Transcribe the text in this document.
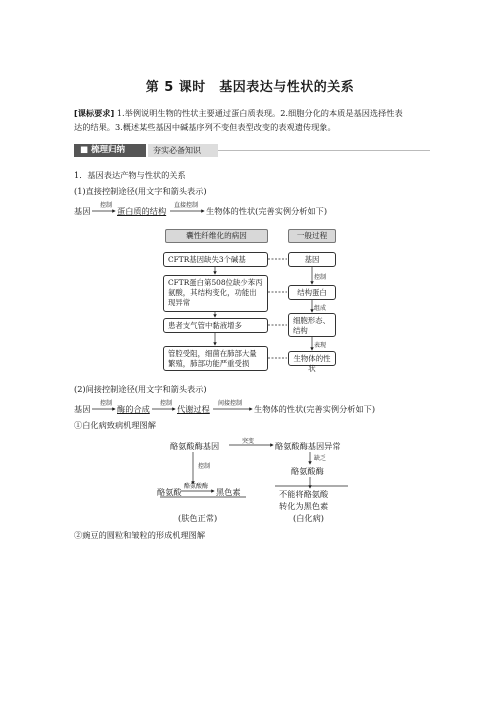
第 5 课时　基因表达与性状的关系
[课标要求] 1.举例说明生物的性状主要通过蛋白质表现。2.细胞分化的本质是基因选择性表
达的结果。3.概述某些基因中碱基序列不变但表型改变的表观遗传现象。
■ 梳理归纳	夯实必备知识
1．基因表达产物与性状的关系
(1)直接控制途径(用文字和箭头表示)
基因
控制
蛋白质的结构
直接控制
生物体的性状(完善实例分析如下)
囊性纤维化的病因	一般过程
CFTR基因缺失3个碱基
CFTR蛋白第508位缺少苯丙氨酸，其结构变化，功能出现异常
患者支气管中黏液增多
管腔受阻，细菌在肺部大量繁殖，肺部功能严重受损
基因
结构蛋白
细胞形态、结构
生物体的性状
控制
组成
表现
(2)间接控制途径(用文字和箭头表示)
基因
控制
酶的合成
控制
代谢过程
间接控制
生物体的性状(完善实例分析如下)
①白化病致病机理图解
酪氨酸酶基因	突变	酪氨酸酶基因异常
控制
缺乏
酪氨酸酶
酪氨酸
酪氨酸酶
黑色素	不能将酪氨酸
转化为黑色素
(肤色正常)	(白化病)
②豌豆的圆粒和皱粒的形成机理图解
